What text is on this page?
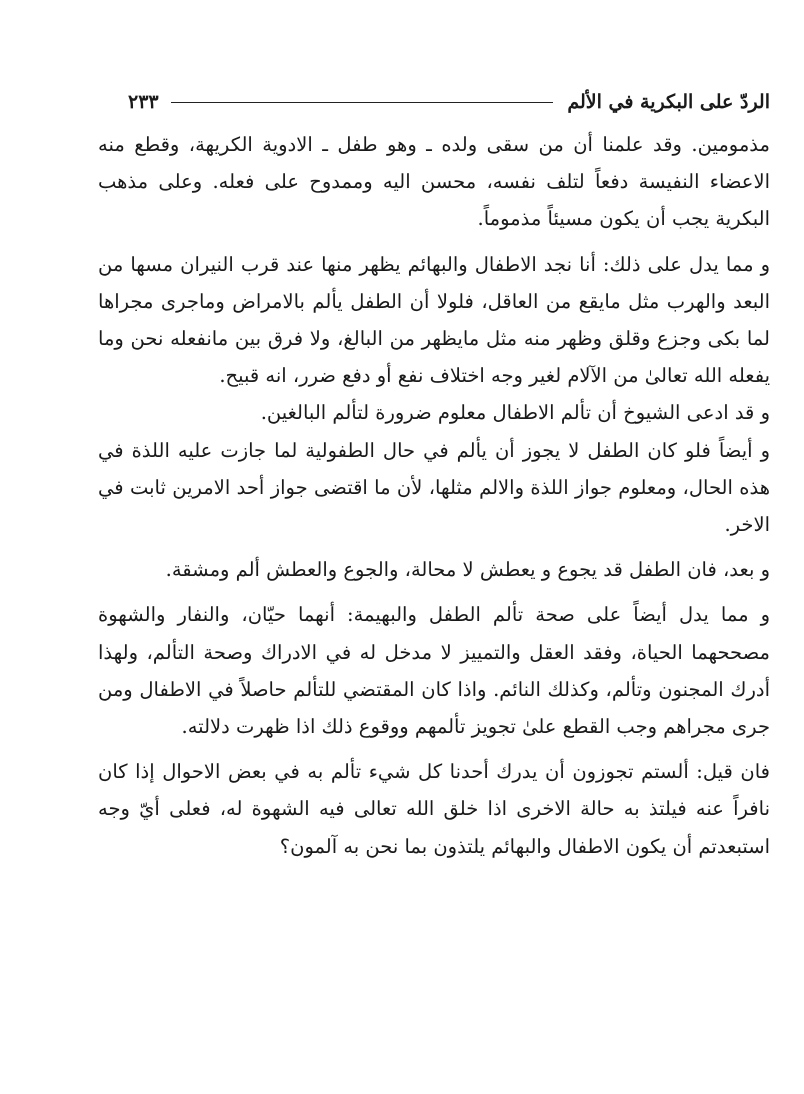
الردّ على البكرية في الألم
٢٣٣

مذمومين. وقد علمنا أن من سقى ولده ـ وهو طفل ـ الادوية الكريهة، وقطع منه الاعضاء النفيسة دفعاً لتلف نفسه، محسن اليه وممدوح على فعله. وعلى مذهب البكرية يجب أن يكون مسيئاً مذموماً.

و مما يدل على ذلك: أنا نجد الاطفال والبهائم يظهر منها عند قرب النيران مسها من البعد والهرب مثل مايقع من العاقل، فلولا أن الطفل يألم بالامراض وماجرى مجراها لما بكى وجزع وقلق وظهر منه مثل مايظهر من البالغ، ولا فرق بين مانفعله نحن وما يفعله الله تعالىٰ من الآلام لغير وجه اختلاف نفع أو دفع ضرر، انه قبيح.

و قد ادعى الشيوخ أن تألم الاطفال معلوم ضرورة لتألم البالغين.

و أيضاً فلو كان الطفل لا يجوز أن يألم في حال الطفولية لما جازت عليه اللذة في هذه الحال، ومعلوم جواز اللذة والالم مثلها، لأن ما اقتضى جواز أحد الامرين ثابت في الاخر.

و بعد، فان الطفل قد يجوع و يعطش لا محالة، والجوع والعطش ألم ومشقة.

و مما يدل أيضاً على صحة تألم الطفل والبهيمة: أنهما حيّان، والنفار والشهوة مصححهما الحياة، وفقد العقل والتمييز لا مدخل له في الادراك وصحة التألم، ولهذا أدرك المجنون وتألم، وكذلك النائم. واذا كان المقتضي للتألم حاصلاً في الاطفال ومن جرى مجراهم وجب القطع علىٰ تجويز تألمهم ووقوع ذلك اذا ظهرت دلالته.

فان قيل: ألستم تجوزون أن يدرك أحدنا كل شيء تألم به في بعض الاحوال إذا كان نافراً عنه فيلتذ به حالة الاخرى اذا خلق الله تعالى فيه الشهوة له، فعلى أيّ وجه استبعدتم أن يكون الاطفال والبهائم يلتذون بما نحن به آلمون؟
